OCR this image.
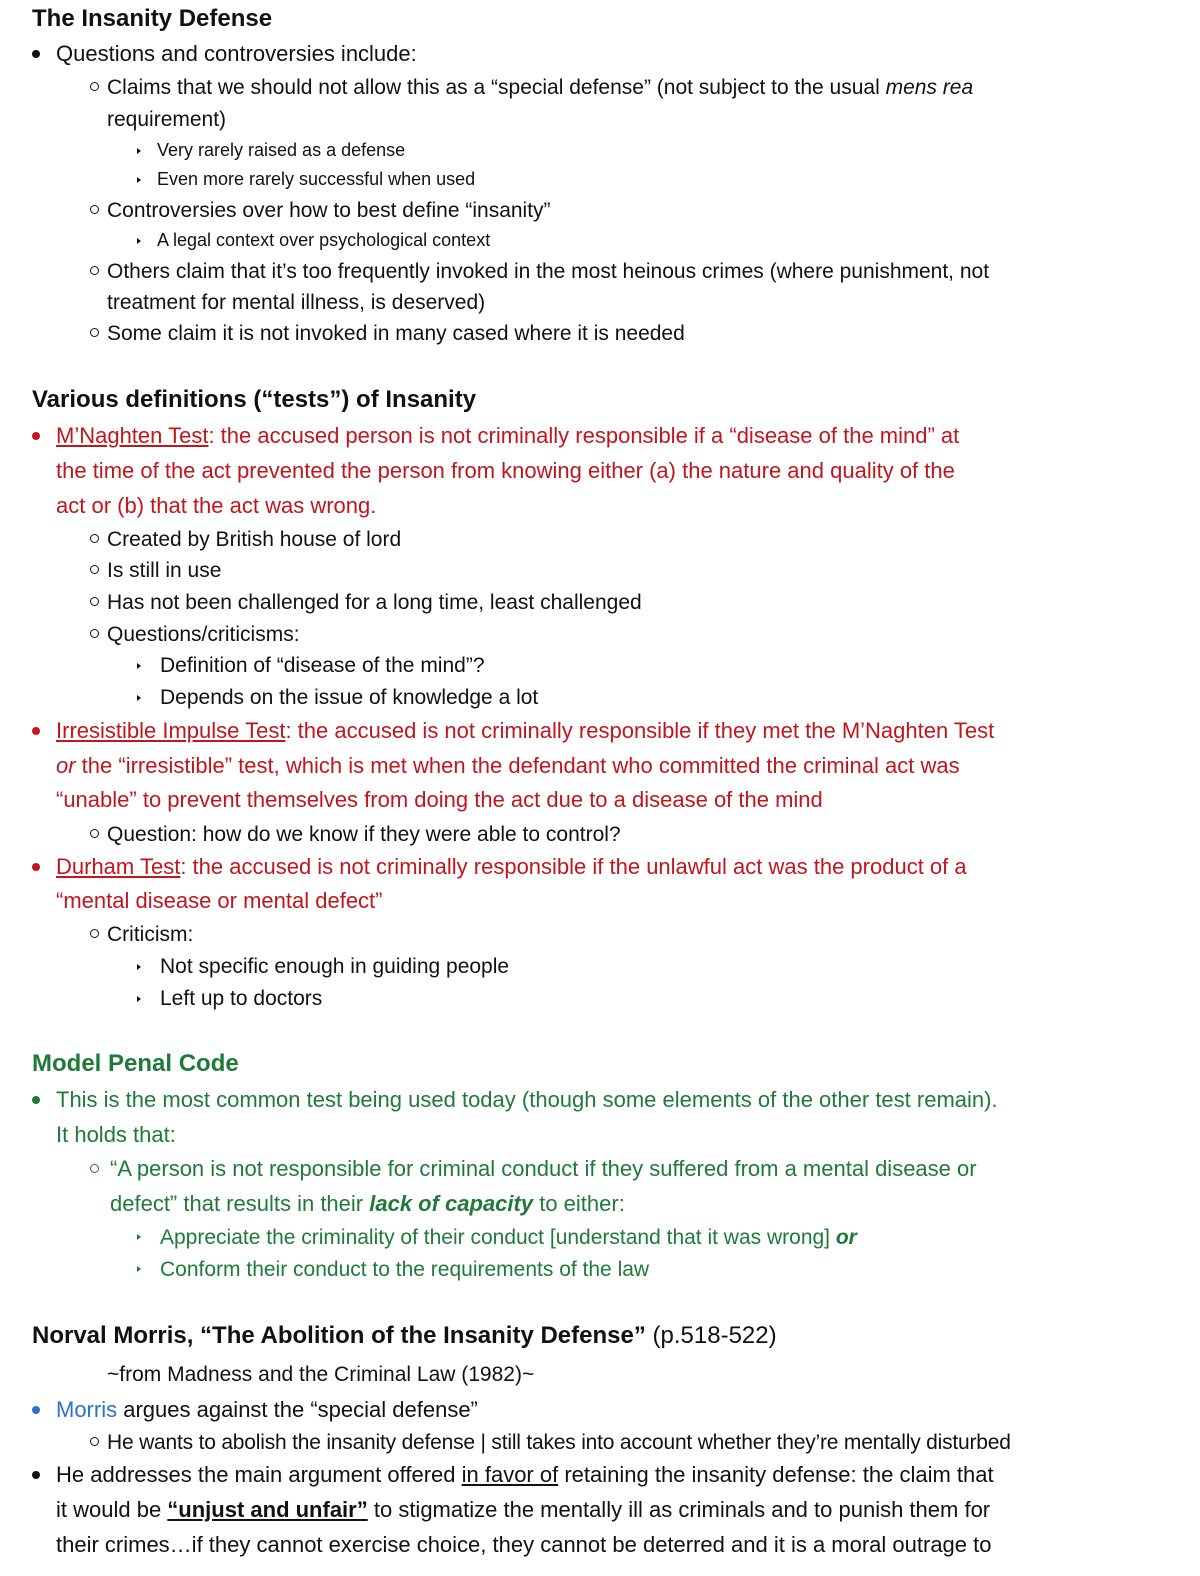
The Insanity Defense
Questions and controversies include:
Claims that we should not allow this as a “special defense” (not subject to the usual mens rea
requirement)
Very rarely raised as a defense
Even more rarely successful when used
Controversies over how to best define “insanity”
A legal context over psychological context
Others claim that it’s too frequently invoked in the most heinous crimes (where punishment, not
treatment for mental illness, is deserved)
Some claim it is not invoked in many cased where it is needed
Various definitions (“tests”) of Insanity
M’Naghten Test: the accused person is not criminally responsible if a “disease of the mind” at
the time of the act prevented the person from knowing either (a) the nature and quality of the
act or (b) that the act was wrong.
Created by British house of lord
Is still in use
Has not been challenged for a long time, least challenged
Questions/criticisms:
Definition of “disease of the mind”?
Depends on the issue of knowledge a lot
Irresistible Impulse Test: the accused is not criminally responsible if they met the M’Naghten Test
or the “irresistible” test, which is met when the defendant who committed the criminal act was
“unable” to prevent themselves from doing the act due to a disease of the mind
Question: how do we know if they were able to control?
Durham Test: the accused is not criminally responsible if the unlawful act was the product of a
“mental disease or mental defect”
Criticism:
Not specific enough in guiding people
Left up to doctors
Model Penal Code
This is the most common test being used today (though some elements of the other test remain).
It holds that:
“A person is not responsible for criminal conduct if they suffered from a mental disease or
defect” that results in their lack of capacity to either:
Appreciate the criminality of their conduct [understand that it was wrong] or
Conform their conduct to the requirements of the law
Norval Morris, “The Abolition of the Insanity Defense” (p.518-522)
~from Madness and the Criminal Law (1982)~
Morris argues against the “special defense”
He wants to abolish the insanity defense | still takes into account whether they’re mentally disturbed
He addresses the main argument offered in favor of retaining the insanity defense: the claim that
it would be “unjust and unfair” to stigmatize the mentally ill as criminals and to punish them for
their crimes…if they cannot exercise choice, they cannot be deterred and it is a moral outrage to
